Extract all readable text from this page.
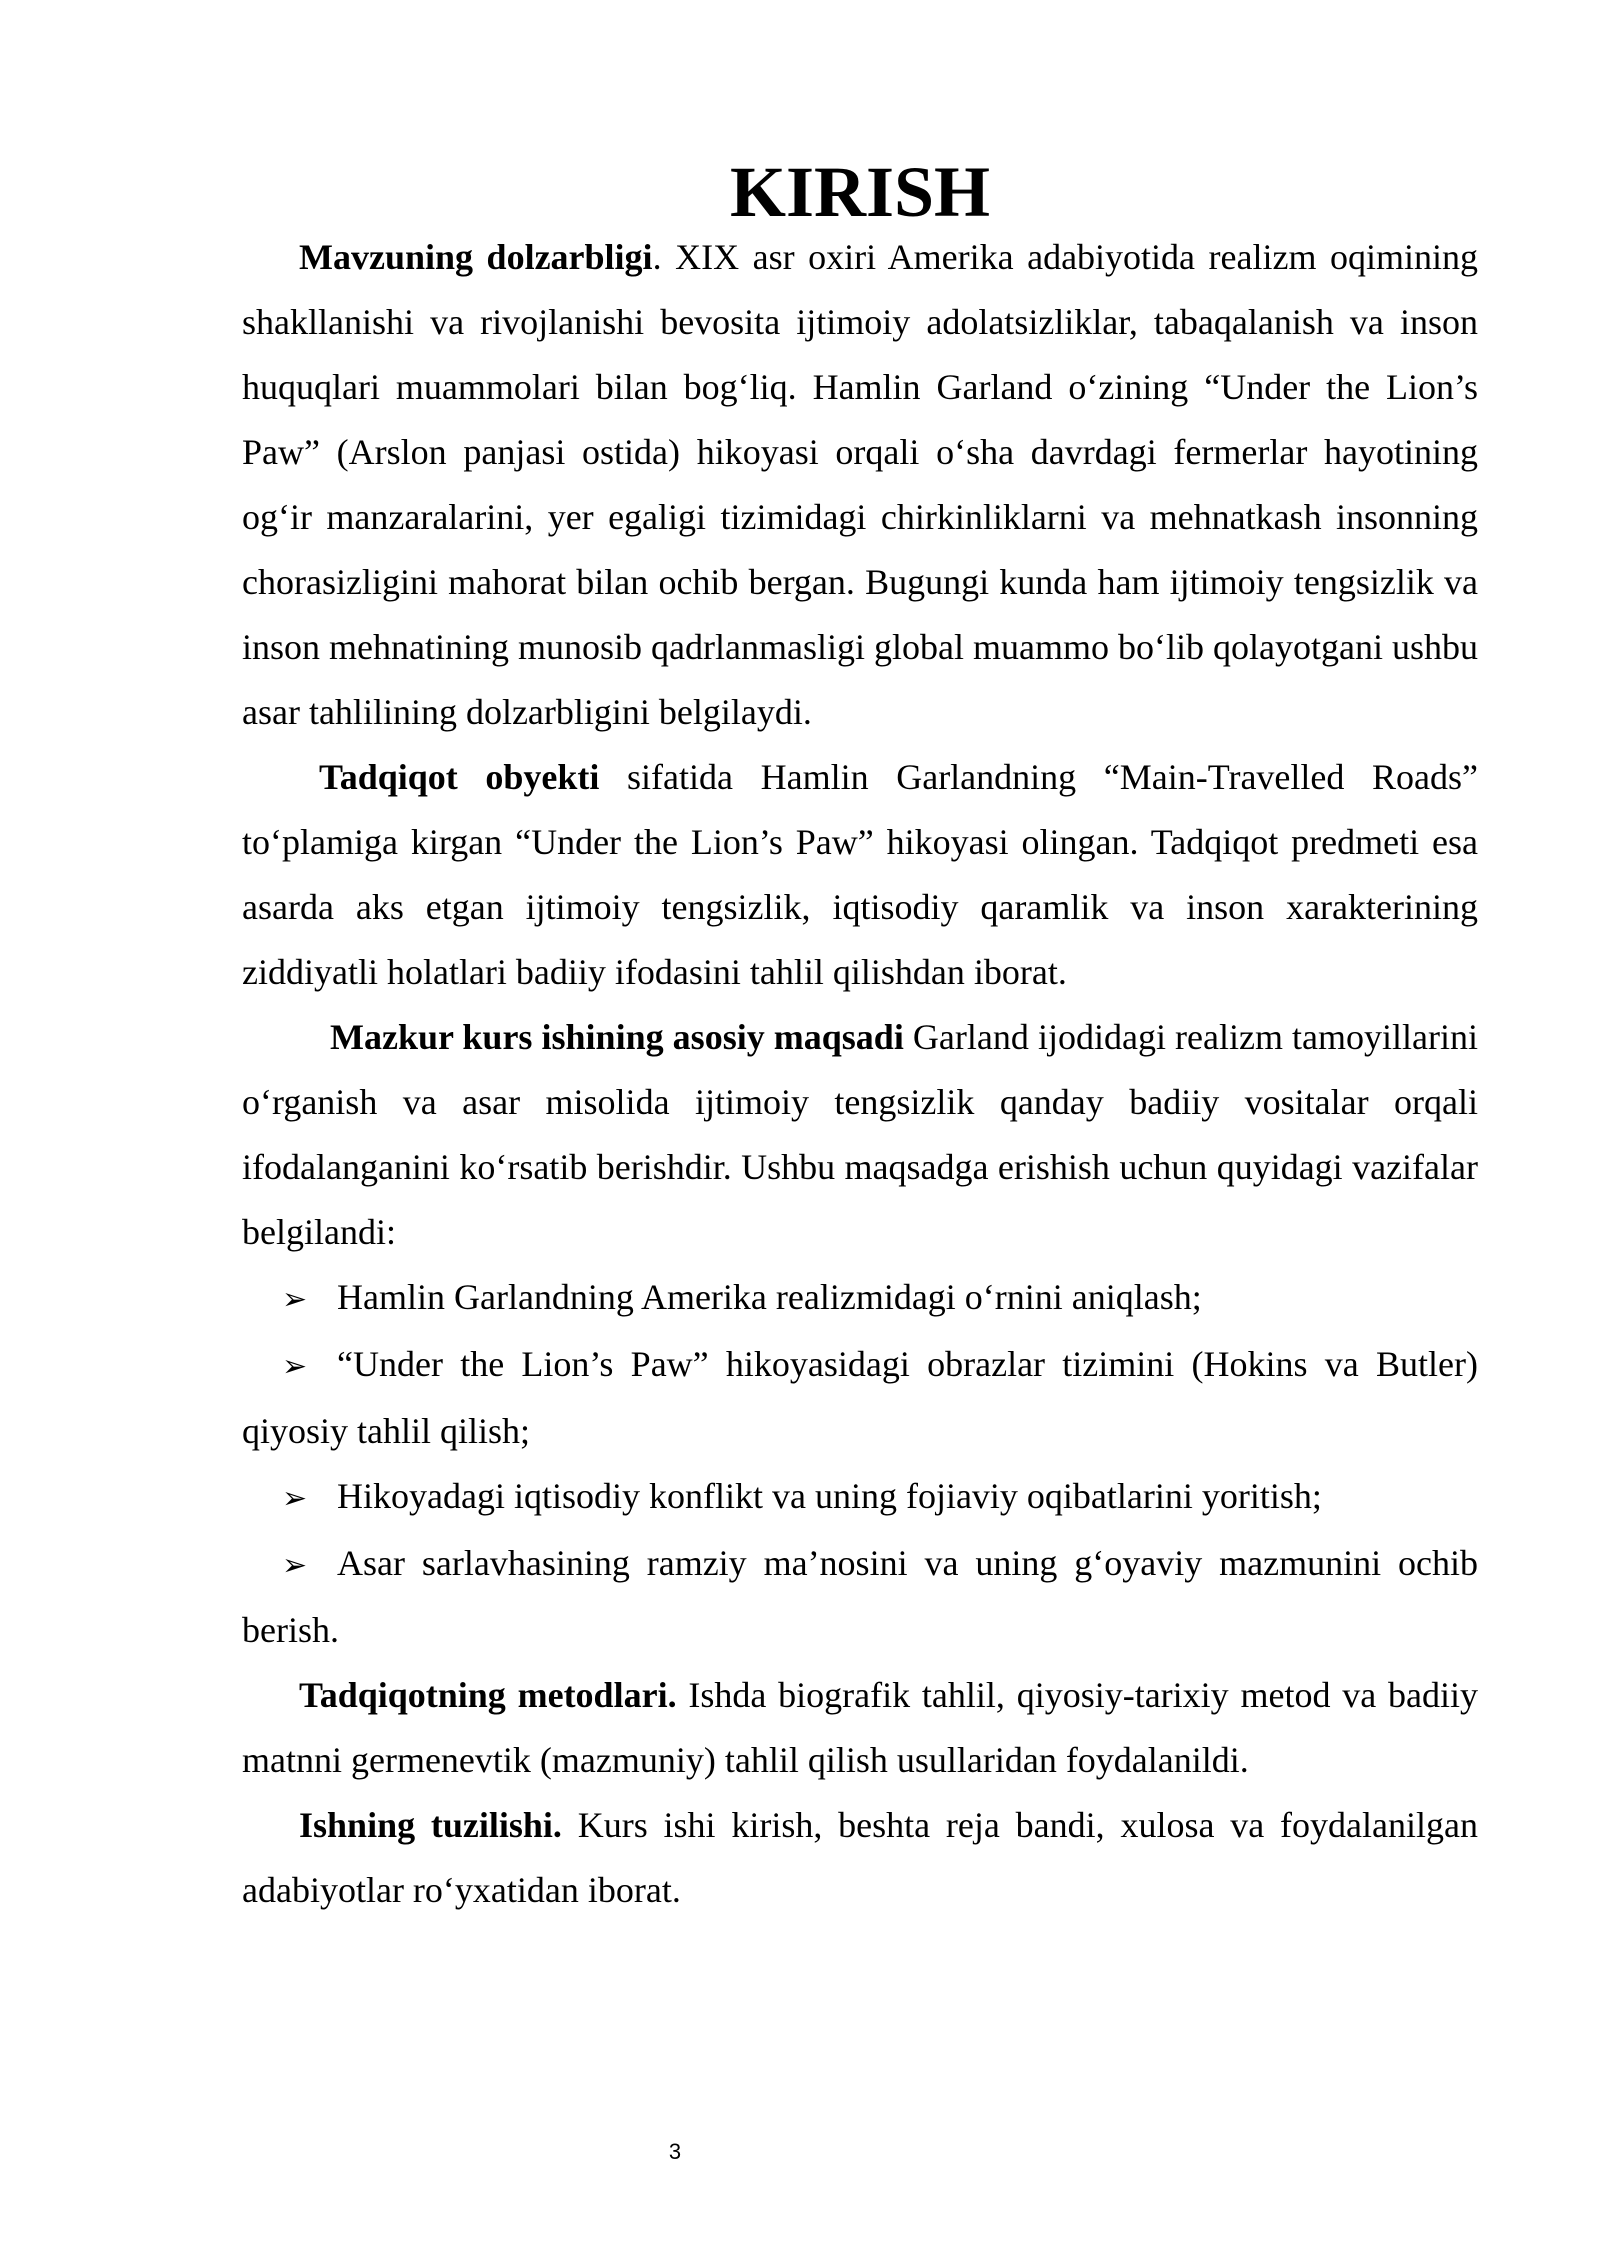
KIRISH

Mavzuning dolzarbligi. XIX asr oxiri Amerika adabiyotida realizm oqimining shakllanishi va rivojlanishi bevosita ijtimoiy adolatsizliklar, tabaqalanish va inson huquqlari muammolari bilan bog‘liq. Hamlin Garland o‘zining “Under the Lion’s Paw” (Arslon panjasi ostida) hikoyasi orqali o‘sha davrdagi fermerlar hayotining og‘ir manzaralarini, yer egaligi tizimidagi chirkinliklarni va mehnatkash insonning chorasizligini mahorat bilan ochib bergan. Bugungi kunda ham ijtimoiy tengsizlik va inson mehnatining munosib qadrlanmasligi global muammo bo‘lib qolayotgani ushbu asar tahlilining dolzarbligini belgilaydi.

Tadqiqot obyekti sifatida Hamlin Garlandning “Main-Travelled Roads” to‘plamiga kirgan “Under the Lion’s Paw” hikoyasi olingan. Tadqiqot predmeti esa asarda aks etgan ijtimoiy tengsizlik, iqtisodiy qaramlik va inson xarakterining ziddiyatli holatlari badiiy ifodasini tahlil qilishdan iborat.

Mazkur kurs ishining asosiy maqsadi Garland ijodidagi realizm tamoyillarini o‘rganish va asar misolida ijtimoiy tengsizlik qanday badiiy vositalar orqali ifodalanganini ko‘rsatib berishdir. Ushbu maqsadga erishish uchun quyidagi vazifalar belgilandi:

➢ Hamlin Garlandning Amerika realizmidagi o‘rnini aniqlash;

➢ “Under the Lion’s Paw” hikoyasidagi obrazlar tizimini (Hokins va Butler) qiyosiy tahlil qilish;

➢ Hikoyadagi iqtisodiy konflikt va uning fojiaviy oqibatlarini yoritish;

➢ Asar sarlavhasining ramziy ma’nosini va uning g‘oyaviy mazmunini ochib berish.

Tadqiqotning metodlari. Ishda biografik tahlil, qiyosiy-tarixiy metod va badiiy matnni germenevtik (mazmuniy) tahlil qilish usullaridan foydalanildi.

Ishning tuzilishi. Kurs ishi kirish, beshta reja bandi, xulosa va foydalanilgan adabiyotlar ro‘yxatidan iborat.

3
